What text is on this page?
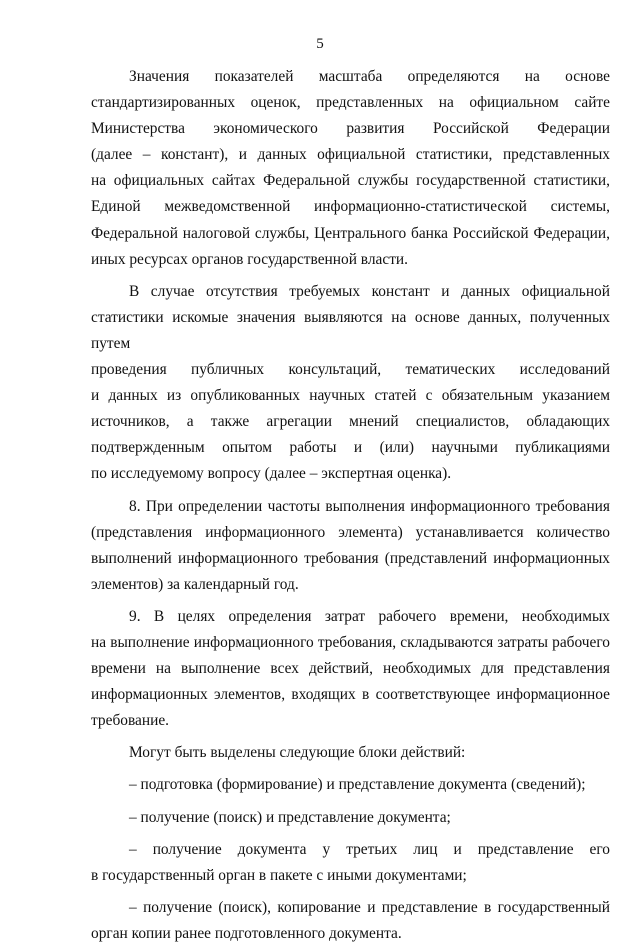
5

Значения показателей масштаба определяются на основе
стандартизированных оценок, представленных на официальном сайте
Министерства экономического развития Российской Федерации
(далее – констант), и данных официальной статистики, представленных
на официальных сайтах Федеральной службы государственной статистики,
Единой межведомственной информационно-статистической системы,
Федеральной налоговой службы, Центрального банка Российской Федерации,
иных ресурсах органов государственной власти.

В случае отсутствия требуемых констант и данных официальной
статистики искомые значения выявляются на основе данных, полученных путем
проведения публичных консультаций, тематических исследований
и данных из опубликованных научных статей с обязательным указанием
источников, а также агрегации мнений специалистов, обладающих
подтвержденным опытом работы и (или) научными публикациями
по исследуемому вопросу (далее – экспертная оценка).

8. При определении частоты выполнения информационного требования
(представления информационного элемента) устанавливается количество
выполнений информационного требования (представлений информационных
элементов) за календарный год.

9. В целях определения затрат рабочего времени, необходимых
на выполнение информационного требования, складываются затраты рабочего
времени на выполнение всех действий, необходимых для представления
информационных элементов, входящих в соответствующее информационное
требование.

Могут быть выделены следующие блоки действий:

– подготовка (формирование) и представление документа (сведений);

– получение (поиск) и представление документа;

– получение документа у третьих лиц и представление его
в государственный орган в пакете с иными документами;

– получение (поиск), копирование и представление в государственный
орган копии ранее подготовленного документа.
